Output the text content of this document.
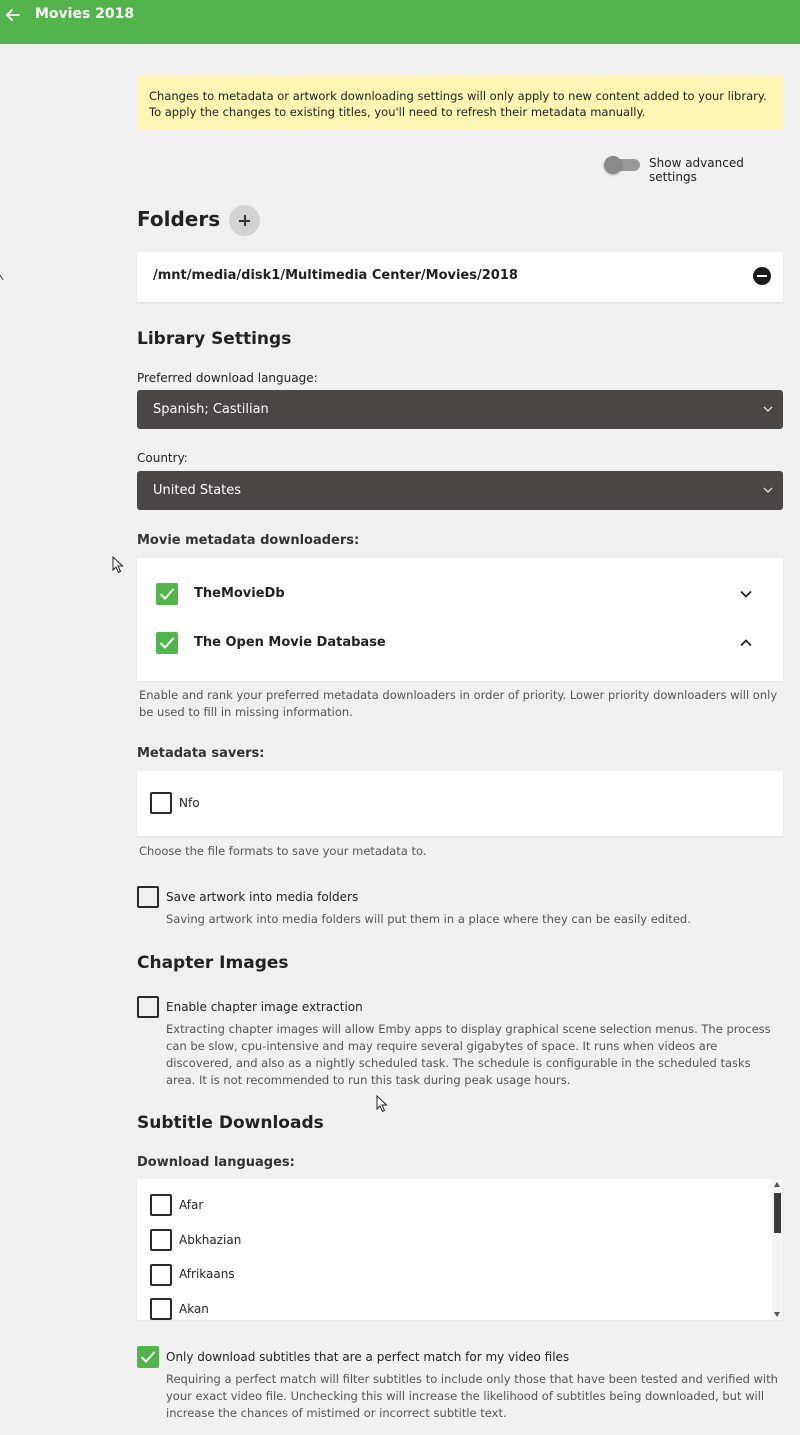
Movies 2018
Changes to metadata or artwork downloading settings will only apply to new content added to your library. To apply the changes to existing titles, you'll need to refresh their metadata manually.
Show advanced settings
Folders
/mnt/media/disk1/Multimedia Center/Movies/2018
Library Settings
Preferred download language:
Spanish; Castilian
Country:
United States
Movie metadata downloaders:
TheMovieDb
The Open Movie Database
Enable and rank your preferred metadata downloaders in order of priority. Lower priority downloaders will only be used to fill in missing information.
Metadata savers:
Nfo
Choose the file formats to save your metadata to.
Save artwork into media folders
Saving artwork into media folders will put them in a place where they can be easily edited.
Chapter Images
Enable chapter image extraction
Extracting chapter images will allow Emby apps to display graphical scene selection menus. The process can be slow, cpu-intensive and may require several gigabytes of space. It runs when videos are discovered, and also as a nightly scheduled task. The schedule is configurable in the scheduled tasks area. It is not recommended to run this task during peak usage hours.
Subtitle Downloads
Download languages:
Afar
Abkhazian
Afrikaans
Akan
Only download subtitles that are a perfect match for my video files
Requiring a perfect match will filter subtitles to include only those that have been tested and verified with your exact video file. Unchecking this will increase the likelihood of subtitles being downloaded, but will increase the chances of mistimed or incorrect subtitle text.
